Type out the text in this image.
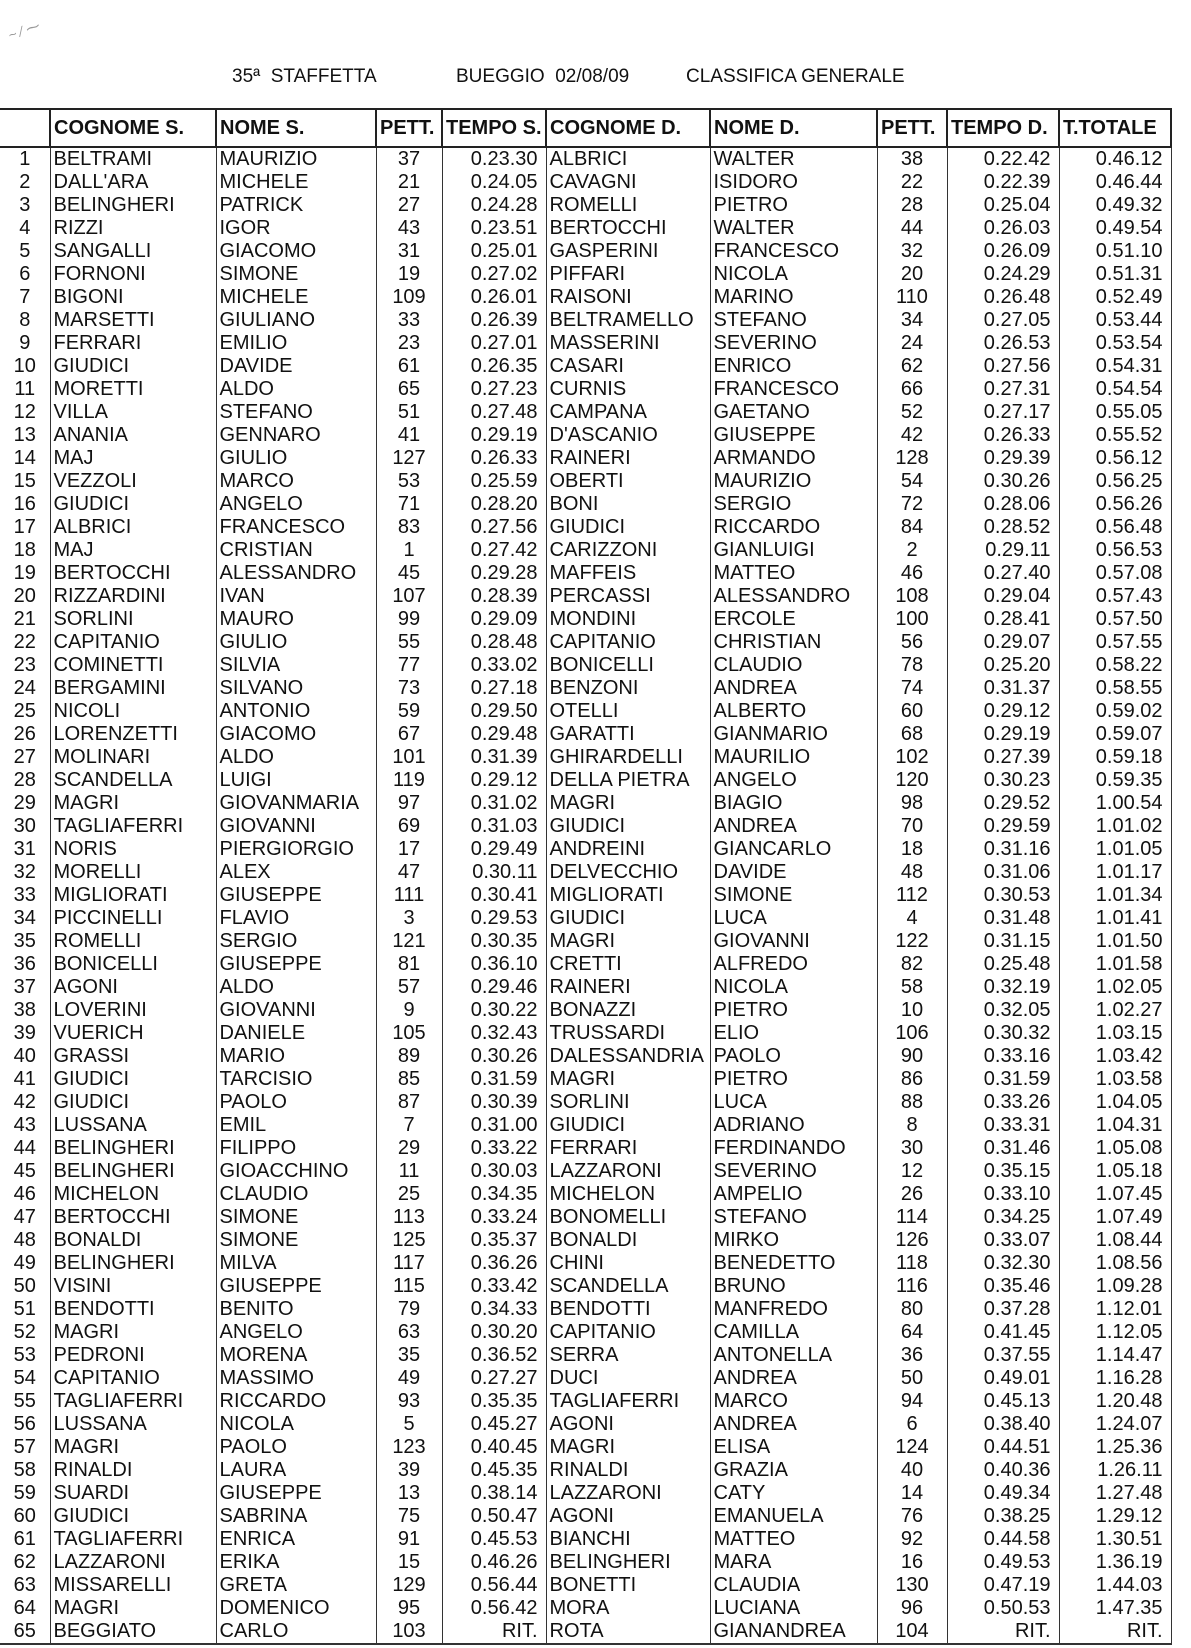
~ ⁄ ⁓
35ª  STAFFETTA	BUEGGIO  02/08/09	CLASSIFICA GENERALE
	COGNOME S.	NOME S.	PETT.	TEMPO S.	COGNOME D.	NOME D.	PETT.	TEMPO D.	T.TOTALE
1	BELTRAMI	MAURIZIO	37	0.23.30	ALBRICI	WALTER	38	0.22.42	0.46.12
2	DALL'ARA	MICHELE	21	0.24.05	CAVAGNI	ISIDORO	22	0.22.39	0.46.44
3	BELINGHERI	PATRICK	27	0.24.28	ROMELLI	PIETRO	28	0.25.04	0.49.32
4	RIZZI	IGOR	43	0.23.51	BERTOCCHI	WALTER	44	0.26.03	0.49.54
5	SANGALLI	GIACOMO	31	0.25.01	GASPERINI	FRANCESCO	32	0.26.09	0.51.10
6	FORNONI	SIMONE	19	0.27.02	PIFFARI	NICOLA	20	0.24.29	0.51.31
7	BIGONI	MICHELE	109	0.26.01	RAISONI	MARINO	110	0.26.48	0.52.49
8	MARSETTI	GIULIANO	33	0.26.39	BELTRAMELLO	STEFANO	34	0.27.05	0.53.44
9	FERRARI	EMILIO	23	0.27.01	MASSERINI	SEVERINO	24	0.26.53	0.53.54
10	GIUDICI	DAVIDE	61	0.26.35	CASARI	ENRICO	62	0.27.56	0.54.31
11	MORETTI	ALDO	65	0.27.23	CURNIS	FRANCESCO	66	0.27.31	0.54.54
12	VILLA	STEFANO	51	0.27.48	CAMPANA	GAETANO	52	0.27.17	0.55.05
13	ANANIA	GENNARO	41	0.29.19	D'ASCANIO	GIUSEPPE	42	0.26.33	0.55.52
14	MAJ	GIULIO	127	0.26.33	RAINERI	ARMANDO	128	0.29.39	0.56.12
15	VEZZOLI	MARCO	53	0.25.59	OBERTI	MAURIZIO	54	0.30.26	0.56.25
16	GIUDICI	ANGELO	71	0.28.20	BONI	SERGIO	72	0.28.06	0.56.26
17	ALBRICI	FRANCESCO	83	0.27.56	GIUDICI	RICCARDO	84	0.28.52	0.56.48
18	MAJ	CRISTIAN	1	0.27.42	CARIZZONI	GIANLUIGI	2	0.29.11	0.56.53
19	BERTOCCHI	ALESSANDRO	45	0.29.28	MAFFEIS	MATTEO	46	0.27.40	0.57.08
20	RIZZARDINI	IVAN	107	0.28.39	PERCASSI	ALESSANDRO	108	0.29.04	0.57.43
21	SORLINI	MAURO	99	0.29.09	MONDINI	ERCOLE	100	0.28.41	0.57.50
22	CAPITANIO	GIULIO	55	0.28.48	CAPITANIO	CHRISTIAN	56	0.29.07	0.57.55
23	COMINETTI	SILVIA	77	0.33.02	BONICELLI	CLAUDIO	78	0.25.20	0.58.22
24	BERGAMINI	SILVANO	73	0.27.18	BENZONI	ANDREA	74	0.31.37	0.58.55
25	NICOLI	ANTONIO	59	0.29.50	OTELLI	ALBERTO	60	0.29.12	0.59.02
26	LORENZETTI	GIACOMO	67	0.29.48	GARATTI	GIANMARIO	68	0.29.19	0.59.07
27	MOLINARI	ALDO	101	0.31.39	GHIRARDELLI	MAURILIO	102	0.27.39	0.59.18
28	SCANDELLA	LUIGI	119	0.29.12	DELLA PIETRA	ANGELO	120	0.30.23	0.59.35
29	MAGRI	GIOVANMARIA	97	0.31.02	MAGRI	BIAGIO	98	0.29.52	1.00.54
30	TAGLIAFERRI	GIOVANNI	69	0.31.03	GIUDICI	ANDREA	70	0.29.59	1.01.02
31	NORIS	PIERGIORGIO	17	0.29.49	ANDREINI	GIANCARLO	18	0.31.16	1.01.05
32	MORELLI	ALEX	47	0.30.11	DELVECCHIO	DAVIDE	48	0.31.06	1.01.17
33	MIGLIORATI	GIUSEPPE	111	0.30.41	MIGLIORATI	SIMONE	112	0.30.53	1.01.34
34	PICCINELLI	FLAVIO	3	0.29.53	GIUDICI	LUCA	4	0.31.48	1.01.41
35	ROMELLI	SERGIO	121	0.30.35	MAGRI	GIOVANNI	122	0.31.15	1.01.50
36	BONICELLI	GIUSEPPE	81	0.36.10	CRETTI	ALFREDO	82	0.25.48	1.01.58
37	AGONI	ALDO	57	0.29.46	RAINERI	NICOLA	58	0.32.19	1.02.05
38	LOVERINI	GIOVANNI	9	0.30.22	BONAZZI	PIETRO	10	0.32.05	1.02.27
39	VUERICH	DANIELE	105	0.32.43	TRUSSARDI	ELIO	106	0.30.32	1.03.15
40	GRASSI	MARIO	89	0.30.26	DALESSANDRIA	PAOLO	90	0.33.16	1.03.42
41	GIUDICI	TARCISIO	85	0.31.59	MAGRI	PIETRO	86	0.31.59	1.03.58
42	GIUDICI	PAOLO	87	0.30.39	SORLINI	LUCA	88	0.33.26	1.04.05
43	LUSSANA	EMIL	7	0.31.00	GIUDICI	ADRIANO	8	0.33.31	1.04.31
44	BELINGHERI	FILIPPO	29	0.33.22	FERRARI	FERDINANDO	30	0.31.46	1.05.08
45	BELINGHERI	GIOACCHINO	11	0.30.03	LAZZARONI	SEVERINO	12	0.35.15	1.05.18
46	MICHELON	CLAUDIO	25	0.34.35	MICHELON	AMPELIO	26	0.33.10	1.07.45
47	BERTOCCHI	SIMONE	113	0.33.24	BONOMELLI	STEFANO	114	0.34.25	1.07.49
48	BONALDI	SIMONE	125	0.35.37	BONALDI	MIRKO	126	0.33.07	1.08.44
49	BELINGHERI	MILVA	117	0.36.26	CHINI	BENEDETTO	118	0.32.30	1.08.56
50	VISINI	GIUSEPPE	115	0.33.42	SCANDELLA	BRUNO	116	0.35.46	1.09.28
51	BENDOTTI	BENITO	79	0.34.33	BENDOTTI	MANFREDO	80	0.37.28	1.12.01
52	MAGRI	ANGELO	63	0.30.20	CAPITANIO	CAMILLA	64	0.41.45	1.12.05
53	PEDRONI	MORENA	35	0.36.52	SERRA	ANTONELLA	36	0.37.55	1.14.47
54	CAPITANIO	MASSIMO	49	0.27.27	DUCI	ANDREA	50	0.49.01	1.16.28
55	TAGLIAFERRI	RICCARDO	93	0.35.35	TAGLIAFERRI	MARCO	94	0.45.13	1.20.48
56	LUSSANA	NICOLA	5	0.45.27	AGONI	ANDREA	6	0.38.40	1.24.07
57	MAGRI	PAOLO	123	0.40.45	MAGRI	ELISA	124	0.44.51	1.25.36
58	RINALDI	LAURA	39	0.45.35	RINALDI	GRAZIA	40	0.40.36	1.26.11
59	SUARDI	GIUSEPPE	13	0.38.14	LAZZARONI	CATY	14	0.49.34	1.27.48
60	GIUDICI	SABRINA	75	0.50.47	AGONI	EMANUELA	76	0.38.25	1.29.12
61	TAGLIAFERRI	ENRICA	91	0.45.53	BIANCHI	MATTEO	92	0.44.58	1.30.51
62	LAZZARONI	ERIKA	15	0.46.26	BELINGHERI	MARA	16	0.49.53	1.36.19
63	MISSARELLI	GRETA	129	0.56.44	BONETTI	CLAUDIA	130	0.47.19	1.44.03
64	MAGRI	DOMENICO	95	0.56.42	MORA	LUCIANA	96	0.50.53	1.47.35
65	BEGGIATO	CARLO	103	RIT.	ROTA	GIANANDREA	104	RIT.	RIT.
